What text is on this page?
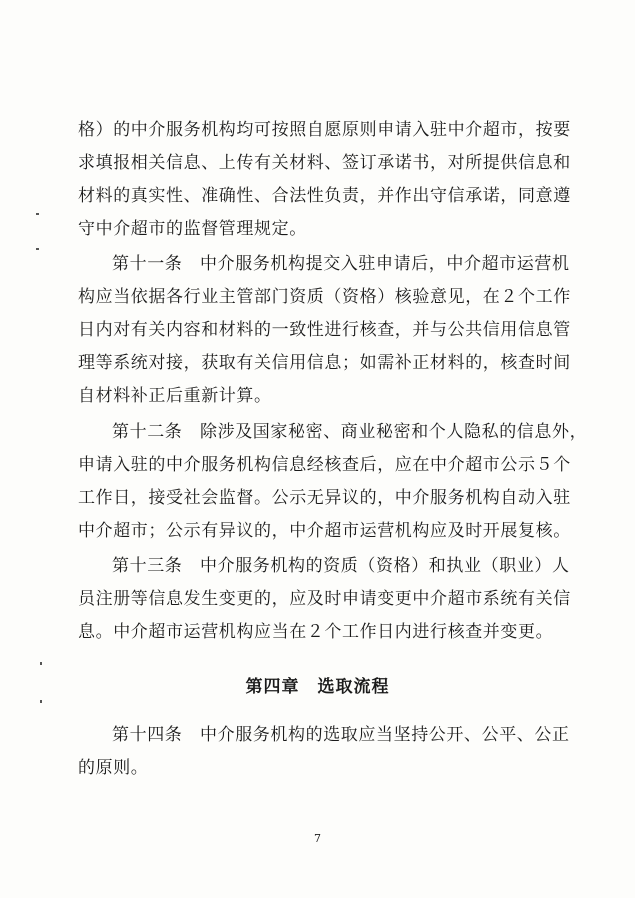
格）的中介服务机构均可按照自愿原则申请入驻中介超市，按要
求填报相关信息、上传有关材料、签订承诺书，对所提供信息和
材料的真实性、准确性、合法性负责，并作出守信承诺，同意遵
守中介超市的监督管理规定。
第十一条　中介服务机构提交入驻申请后，中介超市运营机
构应当依据各行业主管部门资质（资格）核验意见，在２个工作
日内对有关内容和材料的一致性进行核查，并与公共信用信息管
理等系统对接，获取有关信用信息；如需补正材料的，核查时间
自材料补正后重新计算。
第十二条　除涉及国家秘密、商业秘密和个人隐私的信息外，
申请入驻的中介服务机构信息经核查后，应在中介超市公示５个
工作日，接受社会监督。公示无异议的，中介服务机构自动入驻
中介超市；公示有异议的，中介超市运营机构应及时开展复核。
第十三条　中介服务机构的资质（资格）和执业（职业）人
员注册等信息发生变更的，应及时申请变更中介超市系统有关信
息。中介超市运营机构应当在２个工作日内进行核查并变更。
第四章　选取流程
第十四条　中介服务机构的选取应当坚持公开、公平、公正
的原则。
7
